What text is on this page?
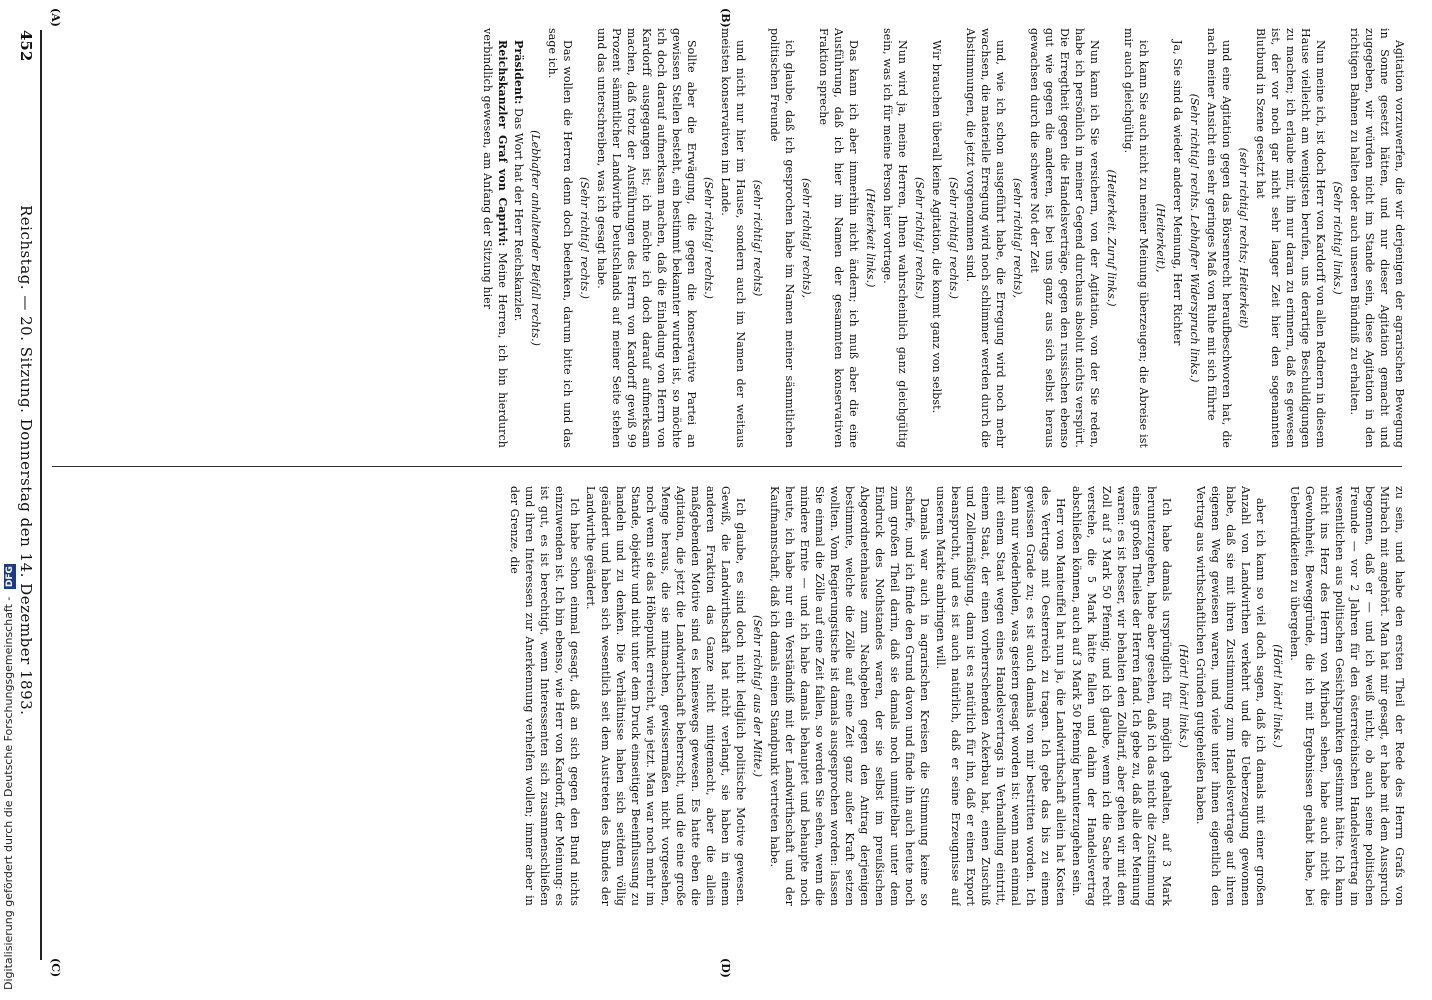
452
Reichstag. — 20. Sitzung. Donnerstag den 14. Dezember 1893.	Agitation vorzuwerfen, die wir derjenigen der agrarischen Bewegung in Sonne gesetzt hätten, und nur dieser Agitation gemacht und zugegeben, wir würden nicht im Stande sein, diese Agitation in den richtigen Bahnen zu halten oder auch unseren Bündniß zu erhalten.

(Sehr richtig! links.)

Nun meine ich, ist doch Herr von Kardorff von allen Rednern in diesem Hause vielleicht am wenigsten berufen, uns derartige Beschuldigungen zu machen; ich erlaube mir, ihn nur daran zu erinnern, daß es gewesen ist, der vor noch gar nicht sehr langer Zeit hier den sogenannten Blutbund in Szene gesetzt hat

(sehr richtig! rechts; Heiterkeit)

und eine Agitation gegen das Börsenrecht heraufbeschworen hat, die nach meiner Ansicht ein sehr geringes Maß von Ruhe mit sich führte

(Sehr richtig! rechts. Lebhafter Widerspruch links.)

Ja, Sie sind da wieder anderer Meinung, Herr Richter

(Heiterkeit),

ich kann Sie auch nicht zu meiner Meinung überzeugen; die Abreise ist mir auch gleichgültig.

(Heiterkeit. Zuruf links.)

Nun kann ich Sie versichern, von der Agitation, von der Sie reden, habe ich persönlich in meiner Gegend durchaus absolut nichts verspürt. Die Erregtheit gegen die Handelsverträge, gegen den russischen ebenso gut wie gegen die anderen, ist bei uns ganz aus sich selbst heraus gewachsen durch die schwere Not der Zeit

(sehr richtig! rechts),

und, wie ich schon ausgeführt habe, die Erregung wird noch mehr wachsen, die materielle Erregung wird noch schlimmer werden durch die Abstimmungen, die jetzt vorgenommen sind.

(Sehr richtig! rechts.)

Wir brauchen überall keine Agitation, die kommt ganz von selbst.

(Sehr richtig! rechts.)

Nun wird ja, meine Herren, Ihnen wahrscheinlich ganz gleichgültig sein, was ich für meine Person hier vortrage.

(Heiterkeit links.)

Das kann ich aber immerhin nicht ändern; ich muß aber die eine Ausführung, daß ich hier im Namen der gesammten konservativen Fraktion spreche

(sehr richtig! rechts),

ich glaube, daß ich gesprochen habe im Namen meiner sämmtlichen politischen Freunde

(sehr richtig! rechts)

und nicht nur hier im Hause, sondern auch im Namen der weitaus meisten konservativen im Lande.

(Sehr richtig! rechts.)

Sollte aber die Erwägung, die gegen die konservative Partei an gewissen Stellen besteht, ein bestimmt bekannter wurden ist, so möchte ich doch darauf aufmerksam machen, daß die Einladung von Herrn von Kardorff ausgegangen ist; ich möchte ich doch darauf aufmerksam machen, daß trotz der Ausführungen des Herrn von Kardorff gewiß 99 Prozent sämmtlicher Landwirthe Deutschlands auf meiner Seite stehen und das unterschreiben, was ich gesagt habe.

(Sehr richtig! rechts.)

Das wollen die Herren denn doch bedenken, darum bitte ich und das sage ich.

(Lebhafter anhaltender Beifall rechts.)

Präsident: Das Wort hat der Herr Reichskanzler.

Reichskanzler Graf von Caprivi: Meine Herren, ich bin hierdurch verbindlich gewesen, am Anfang der Sitzung hier

zu sein, und habe den ersten Theil der Rede des Herrn Grafs von Mirbach mit angehört. Man hat mir gesagt, er habe mit dem Ausspruch begonnen, daß er — und ich weiß nicht, ob auch seine politischen Freunde — vor 2 Jahren für den österreichischen Handelsvertrag im wesentlichen aus politischen Gesichtspunkten gestimmt hätte. Ich kann nicht ins Herz des Herrn von Mirbach sehen, habe auch nicht die Gewohnheit, Beweggründe, die ich mit Ergebnissen gehabt habe, bei Ueberrüdkeiten zu übergehen.

(Hört! hört! links.)

aber ich kann so viel doch sagen, daß ich damals mit einer großen Anzahl von Landwirthen verkehrt und die Ueberzeugung gewonnen habe, daß sie mit ihren Zustimmung zum Handelsvertrage auf ihren eigenen Weg gewiesen waren, und viele unter ihnen eigentlich den Vertrag aus wirthschaftlichen Gründen gutgeheißen haben.

(Hört! hört! links.)

Ich habe damals ursprünglich für möglich gehalten, auf 3 Mark herunterzugehen, habe aber gesehen, daß ich das nicht die Zustimmung eines großen Theiles der Herren fand. Ich gebe zu, daß alle der Meinung waren: es ist besser, wir behalten den Zolltarif, aber gehen wir mit dem Zoll auf 3 Mark 50 Pfennig; und ich glaube, wenn ich die Sache recht verstehe, die 5 Mark hätte fallen und dahin der Handelsvertrag abschließen können, auch auf 3 Mark 50 Pfennig herunterzugehen sein.

Herr von Manteuffel hat nun ja, die Landwirthschaft allein hat Kosten des Vertrags mit Oesterreich zu tragen. Ich gebe das bis zu einem gewissen Grade zu; es ist auch damals von mir bestritten worden. Ich kann nur wiederholen, was gestern gesagt worden ist: wenn man einmal mit einem Staat wegen eines Handelsvertrags in Verhandlung eintritt, einem Staat, der einen vorherrschenden Ackerbau hat, einen Zuschuß und Zollermäßigung, dann ist es natürlich für ihn, daß er einen Export beansprucht, und es ist auch natürlich, daß er seine Erzeugnisse auf unserem Markte anbringen will.

Damals war auch in agrarischen Kreisen die Stimmung keine so scharfe, und ich finde den Grund davon und finde ihn auch heute noch zum großen Theil darin, daß sie damals noch unmittelbar unter dem Eindruck des Nothstandes waren, der sie selbst im preußischen Abgeordnetenhause zum Nachgeben gegen den Antrag derjenigen bestimmte, welche die Zölle auf eine Zeit ganz außer Kraft setzen wollten. Vom Regierungstische ist damals ausgesprochen worden: lassen Sie einmal die Zölle auf eine Zeit fallen, so werden Sie sehen, wenn die mindere Ernte — und ich habe damals behauptet und behaupte noch heute, ich habe nur ein Verständniß mit der Landwirthschaft und der Kaufmannschaft, daß ich damals einen Standpunkt vertreten habe.

(Sehr richtig! aus der Mitte.)

Ich glaube, es sind doch nicht lediglich politische Motive gewesen. Gewiß, die Landwirthschaft hat nicht verlangt, sie haben in einem anderen Fraktion das Ganze nicht mitgemacht, aber die allein maßgebenden Motive sind es keineswegs gewesen. Es hatte eben die Agitation, die jetzt die Landwirthschaft beherrscht, und die eine große Menge heraus, die sie mitmachen, gewissermaßen nicht vorgesehen, noch wenn sie das Höhepunkt erreicht, wie jetzt. Man war noch mehr im Stande, objektiv und nicht unter dem Druck einseitiger Beeinflussung zu handeln und zu denken. Die Verhältnisse haben sich seitdem völlig geändert und haben sich wesentlich seit dem Austreten des Bundes der Landwirthe geändert.

Ich habe schon einmal gesagt, daß an sich gegen den Bund nichts einzuwenden ist. Ich bin ebenso, wie Herr von Kardorff, der Meinung: es ist gut, es ist berechtigt, wenn Interessenten sich zusammenschließen und ihren Interessen zur Anerkennung verhelfen wollen; immer aber in der Grenze, die

(A)	(B)
(C)	(D)
Digitalisierung gefördert durch die Deutsche Forschungsgemeinschaft - DFG
